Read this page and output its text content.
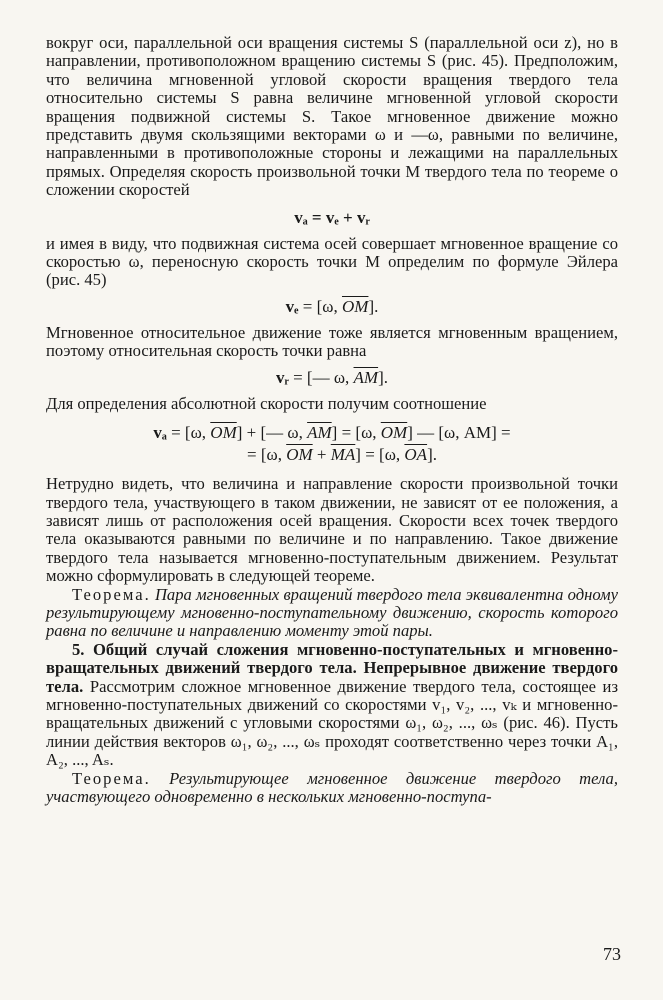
вокруг оси, параллельной оси вращения системы S (параллельной оси z), но в направлении, противоположном вращению системы S (рис. 45). Предположим, что величина мгновенной угловой скорости вращения твердого тела относительно системы S равна величине мгновенной угловой скорости вращения подвижной системы S. Такое мгновенное движение можно представить двумя скользящими векторами ω и —ω, равными по величине, направленными в противоположные стороны и лежащими на параллельных прямых. Определяя скорость произвольной точки M твердого тела по теореме о сложении скоростей

vₐ = vₑ + vᵣ

и имея в виду, что подвижная система осей совершает мгновенное вращение со скоростью ω, переносную скорость точки M определим по формуле Эйлера (рис. 45)

vₑ = [ω, $\overline{OM}$].

Мгновенное относительное движение тоже является мгновенным вращением, поэтому относительная скорость точки равна

vᵣ = [— ω, $\overline{AM}$].

Для определения абсолютной скорости получим соотношение

vₐ = [ω, $\overline{OM}$] + [— ω, $\overline{AM}] = [\omega$, $\overline{OM}$] — [ω, AM] =
= [ω, $\overline{OM} + \overline{MA}] = [\omega$, $\overline{OA}$].

Нетрудно видеть, что величина и направление скорости произвольной точки твердого тела, участвующего в таком движении, не зависят от ее положения, а зависят лишь от расположения осей вращения. Скорости всех точек твердого тела оказываются равными по величине и по направлению. Такое движение твердого тела называется мгновенно-поступательным движением. Результат можно сформулировать в следующей теореме.

Теорема. Пара мгновенных вращений твердого тела эквивалентна одному результирующему мгновенно-поступательному движению, скорость которого равна по величине и направлению моменту этой пары.

5. Общий случай сложения мгновенно-поступательных и мгновенно-вращательных движений твердого тела. Непрерывное движение твердого тела. Рассмотрим сложное мгновенное движение твердого тела, состоящее из мгновенно-поступательных движений со скоростями v₁, v₂, ..., vₖ и мгновенно-вращательных движений с угловыми скоростями ω₁, ω₂, ..., ωₛ (рис. 46). Пусть линии действия векторов ω₁, ω₂, ..., ωₛ проходят соответственно через точки A₁, A₂, ..., Aₛ.

Теорема. Результирующее мгновенное движение твердого тела, участвующего одновременно в нескольких мгновенно-поступа-

73
